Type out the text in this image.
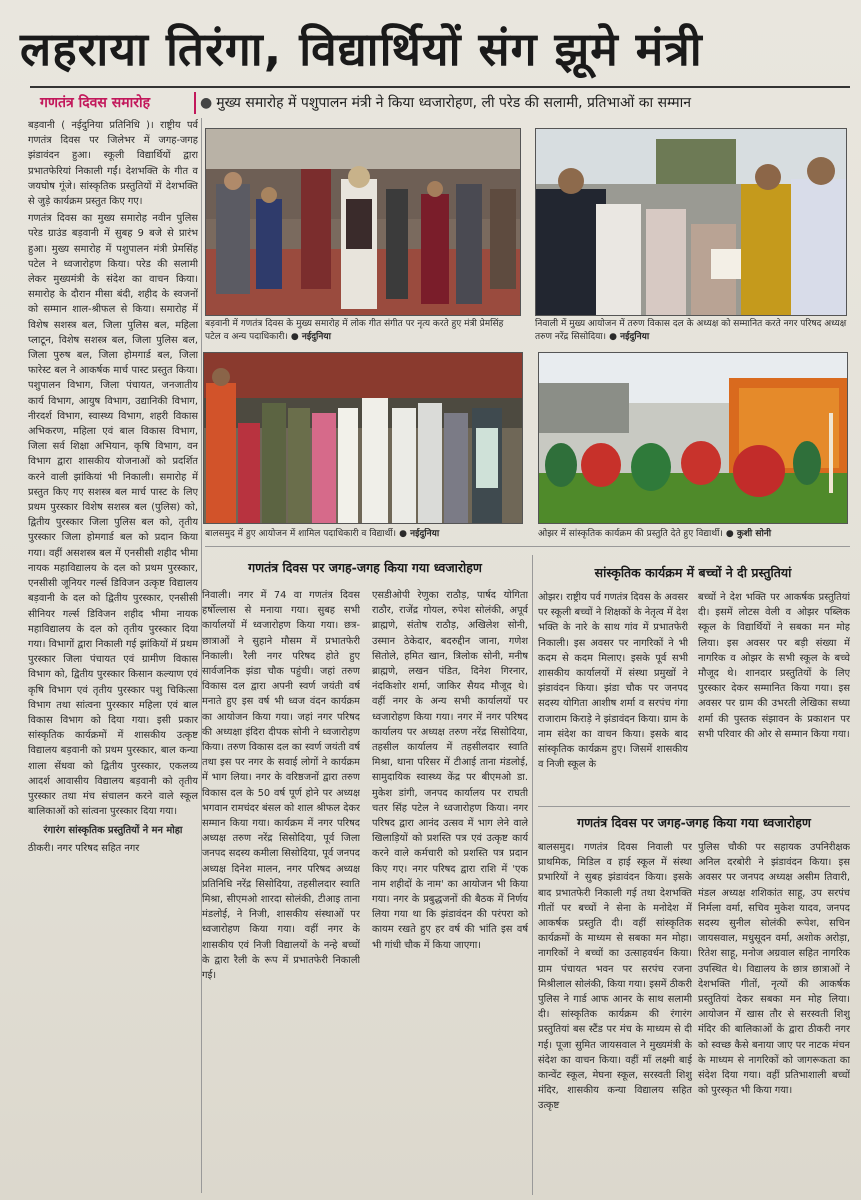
लहराया तिरंगा, विद्यार्थियों संग झूमे मंत्री
गणतंत्र दिवस समारोह	● मुख्य समारोह में पशुपालन मंत्री ने किया ध्वजारोहण, ली परेड की सलामी, प्रतिभाओं का सम्मान

बड़वानी ( नईदुनिया प्रतिनिधि )। राष्ट्रीय पर्व गणतंत्र दिवस पर जिलेभर में जगह-जगह झंडावंदन हुआ। स्कूली विद्यार्थियों द्वारा प्रभातफेरियां निकाली गईं। देशभक्ति के गीत व जयघोष गूंजे। सांस्कृतिक प्रस्तुतियों में देशभक्ति से जुड़े कार्यक्रम प्रस्तुत किए गए।

गणतंत्र दिवस का मुख्य समारोह नवीन पुलिस परेड ग्राउंड बड़वानी में सुबह 9 बजे से प्रारंभ हुआ। मुख्य समारोह में पशुपालन मंत्री प्रेमसिंह पटेल ने ध्वजारोहण किया। परेड की सलामी लेकर मुख्यमंत्री के संदेश का वाचन किया। समारोह के दौरान मीसा बंदी, शहीद के स्वजनों को सम्मान शाल-श्रीफल से किया। समारोह में विशेष सशस्त्र बल, जिला पुलिस बल, महिला प्लाटून, विशेष सशस्त्र बल, जिला पुलिस बल, जिला पुरुष बल, जिला होमगार्ड बल, जिला फारेस्ट बल ने आकर्षक मार्च पास्ट प्रस्तुत किया। पशुपालन विभाग, जिला पंचायत, जनजातीय कार्य विभाग, आयुष विभाग, उद्यानिकी विभाग, नीरदर्श विभाग, स्वास्थ्य विभाग, शहरी विकास अभिकरण, महिला एवं बाल विकास विभाग, जिला सर्व शिक्षा अभियान, कृषि विभाग, वन विभाग द्वारा शासकीय योजनाओं को प्रदर्शित करने वाली झांकियां भी निकाली। समारोह में प्रस्तुत किए गए सशस्त्र बल मार्च पास्ट के लिए प्रथम पुरस्कार विशेष सशस्त्र बल (पुलिस) को, द्वितीय पुरस्कार जिला पुलिस बल को, तृतीय पुरस्कार जिला होमगार्ड बल को प्रदान किया गया। वहीं असशस्त्र बल में एनसीसी शहीद भीमा नायक महाविद्यालय के दल को प्रथम पुरस्कार, एनसीसी जूनियर गर्ल्स डिविजन उत्कृष्ट विद्यालय बड़वानी के दल को द्वितीय पुरस्कार, एनसीसी सीनियर गर्ल्स डिविजन शहीद भीमा नायक महाविद्यालय के दल को तृतीय पुरस्कार दिया गया। विभागों द्वारा निकाली गई झांकियों में प्रथम पुरस्कार जिला पंचायत एवं ग्रामीण विकास विभाग को, द्वितीय पुरस्कार किसान कल्याण एवं कृषि विभाग एवं तृतीय पुरस्कार पशु चिकित्सा विभाग तथा सांत्वना पुरस्कार महिला एवं बाल विकास विभाग को दिया गया। इसी प्रकार सांस्कृतिक कार्यक्रमों में शासकीय उत्कृष्ट विद्यालय बड़वानी को प्रथम पुरस्कार, बाल कन्या शाला सेंधवा को द्वितीय पुरस्कार, एकलव्य आदर्श आवासीय विद्यालय बड़वानी को तृतीय पुरस्कार तथा मंच संचालन करने वाले स्कूल बालिकाओं को सांत्वना पुरस्कार दिया गया।

रंगारंग सांस्कृतिक प्रस्तुतियों ने मन मोहा

ठीकरी। नगर परिषद सहित नगर

बड़वानी में गणतंत्र दिवस के मुख्य समारोह में लोक गीत संगीत पर नृत्य करते हुए मंत्री प्रेमसिंह पटेल व अन्य पदाधिकारी। ● नईदुनिया
निवाली में मुख्य आयोजन में तरुण विकास दल के अध्यक्ष को सम्मानित करते नगर परिषद अध्यक्ष तरुण नरेंद्र सिसोदिया। ● नईदुनिया
बालसमुद में हुए आयोजन में शामिल पदाधिकारी व विद्यार्थी। ● नईदुनिया	ओझर में सांस्कृतिक कार्यक्रम की प्रस्तुति देते हुए विद्यार्थी। ● कुशी सोनी
गणतंत्र दिवस पर जगह-जगह किया गया ध्वजारोहण
निवाली। नगर में 74 वा गणतंत्र दिवस हर्षोल्लास से मनाया गया। सुबह सभी कार्यालयों में ध्वजारोहण किया गया। छत्र-छात्राओं ने सुहाने मौसम में प्रभातफेरी निकाली। रैली नगर परिषद होते हुए सार्वजनिक झंडा चौक पहुंची। जहां तरुण विकास दल द्वारा अपनी स्वर्ण जयंती वर्ष मनाते हुए इस वर्ष भी ध्वज वंदन कार्यक्रम का आयोजन किया गया। जहां नगर परिषद की अध्यक्षा इंदिरा दीपक सोनी ने ध्वजारोहण किया। तरुण विकास दल का स्वर्ण जयंती वर्ष तथा इस पर नगर के सवाई लोगों ने कार्यक्रम में भाग लिया। नगर के वरिष्ठजनों द्वारा तरुण विकास दल के 50 वर्ष पूर्ण होने पर अध्यक्ष भगवान रामचंदर बंसल को शाल श्रीफल देकर सम्मान किया गया। कार्यक्रम में नगर परिषद अध्यक्ष तरुण नरेंद्र सिसोदिया, पूर्व जिला जनपद सदस्य कमीला सिसोदिया, पूर्व जनपद अध्यक्ष दिनेश मालन, नगर परिषद अध्यक्ष प्रतिनिधि नरेंद्र सिसोदिया, तहसीलदार स्वाति मिश्रा, सीएमओ शारदा सोलंकी, टीआइ ताना मंडलोई, ने निजी, शासकीय संस्थाओं पर ध्वजारोहण किया गया। वहीं नगर के शासकीय एवं निजी विद्यालयों के नन्हे बच्चों के द्वारा रैली के रूप में प्रभातफेरी निकाली गई।
एसडीओपी रेणुका राठौड़, पार्षद योगिता राठौर, राजेंद्र गोयल, रुपेश सोलंकी, अपूर्व ब्राह्मणे, संतोष राठौड़, अखिलेश सोनी, उस्मान ठेकेदार, बदरुद्दीन जाना, गणेश सितोले, हमित खान, त्रिलोक सोनी, मनीष ब्राह्मणे, लखन पंडित, दिनेश गिरनार, नंदकिशोर शर्मा, जाकिर सैयद मौजूद थे। वहीं नगर के अन्य सभी कार्यालयों पर ध्वजारोहण किया गया। नगर में नगर परिषद कार्यालय पर अध्यक्ष तरुण नरेंद्र सिसोदिया, तहसील कार्यालय में तहसीलदार स्वाति मिश्रा, थाना परिसर में टीआई ताना मंडलोई, सामुदायिक स्वास्थ्य केंद्र पर बीएमओ डा. मुकेश डांगी, जनपद कार्यालय पर राघती चतर सिंह पटेल ने ध्वजारोहण किया। नगर परिषद द्वारा आनंद उत्सव में भाग लेने वाले खिलाड़ियों को प्रशस्ति पत्र एवं उत्कृष्ट कार्य करने वाले कर्मचारी को प्रशस्ति पत्र प्रदान किए गए। नगर परिषद द्वारा राशि में 'एक नाम शहीदों के नाम' का आयोजन भी किया गया। नगर के प्रबुद्धजनों की बैठक में निर्णय लिया गया था कि झंडावंदन की परंपरा को कायम रखते हुए हर वर्ष की भांति इस वर्ष भी गांधी चौक में किया जाएगा।
सांस्कृतिक कार्यक्रम में बच्चों ने दी प्रस्तुतियां
ओझर। राष्ट्रीय पर्व गणतंत्र दिवस के अवसर पर स्कूली बच्चों ने शिक्षकों के नेतृत्व में देश भक्ति के नारे के साथ गांव में प्रभातफेरी निकाली। इस अवसर पर नागरिकों ने भी कदम से कदम मिलाए। इसके पूर्व सभी शासकीय कार्यालयों में संस्था प्रमुखों ने झंडावंदन किया। झंडा चौक पर जनपद सदस्य योगिता आशीष शर्मा व सरपंच गंगा राजाराम किराड़े ने झंडावंदन किया। ग्राम के नाम संदेश का वाचन किया। इसके बाद सांस्कृतिक कार्यक्रम हुए। जिसमें शासकीय व निजी स्कूल के
बच्चों ने देश भक्ति पर आकर्षक प्रस्तुतियां दी। इसमें लोटस वेली व ओझर पब्लिक स्कूल के विद्यार्थियों ने सबका मन मोह लिया। इस अवसर पर बड़ी संख्या में नागरिक व ओझर के सभी स्कूल के बच्चे मौजूद थे। शानदार प्रस्तुतियों के लिए पुरस्कार देकर सम्मानित किया गया। इस अवसर पर ग्राम की उभरती लेखिका सध्या शर्मा की पुस्तक संझावन के प्रकाशन पर सभी परिवार की ओर से सम्मान किया गया।
गणतंत्र दिवस पर जगह-जगह किया गया ध्वजारोहण
बालसमुद। गणतंत्र दिवस निवाली पर प्राथमिक, मिडिल व हाई स्कूल में संस्था प्रभारियों ने सुबह झंडावंदन किया। इसके बाद प्रभातफेरी निकाली गई तथा देशभक्ति गीतों पर बच्चों ने सेना के मनोदेश में आकर्षक प्रस्तुति दी। वहीं सांस्कृतिक कार्यक्रमों के माध्यम से सबका मन मोहा। नागरिकों ने बच्चों का उत्साहवर्धन किया। ग्राम पंचायत भवन पर सरपंच रजना मिश्रीलाल सोलंकी, किया गया। इसमें ठीकरी पुलिस ने गार्ड आफ आनर के साथ सलामी दी। सांस्कृतिक कार्यक्रम की रंगारंग प्रस्तुतियां बस स्टैंड पर मंच के माध्यम से दी गई। पूजा सुमित जायसवाल ने मुख्यमंत्री के संदेश का वाचन किया। वहीं माँ लक्ष्मी बाई कान्वेंट स्कूल, मेघना स्कूल, सरस्वती शिशु मंदिर, शासकीय कन्या विद्यालय सहित उत्कृष्ट
पुलिस चौकी पर सहायक उपनिरीक्षक अनिल दरबोरी ने झंडावंदन किया। इस अवसर पर जनपद अध्यक्ष असीम तिवारी, मंडल अध्यक्ष शशिकांत साहू, उप सरपंच निर्मला वर्मा, सचिव मुकेश यादव, जनपद सदस्य सुनील सोलंकी रूपेश, सचिन जायसवाल, मधुसूदन वर्मा, अशोक अरोड़ा, रितेश साहू, मनोज अग्रवाल सहित नागरिक उपस्थित थे। विद्यालय के छात्र छात्राओं ने देशभक्ति गीतों, नृत्यों की आकर्षक प्रस्तुतियां देकर सबका मन मोह लिया। आयोजन में खास तौर से सरस्वती शिशु मंदिर की बालिकाओं के द्वारा ठीकरी नगर को स्वच्छ कैसे बनाया जाए पर नाटक मंचन के माध्यम से नागरिकों को जागरूकता का संदेश दिया गया। वहीं प्रतिभाशाली बच्चों को पुरस्कृत भी किया गया।
